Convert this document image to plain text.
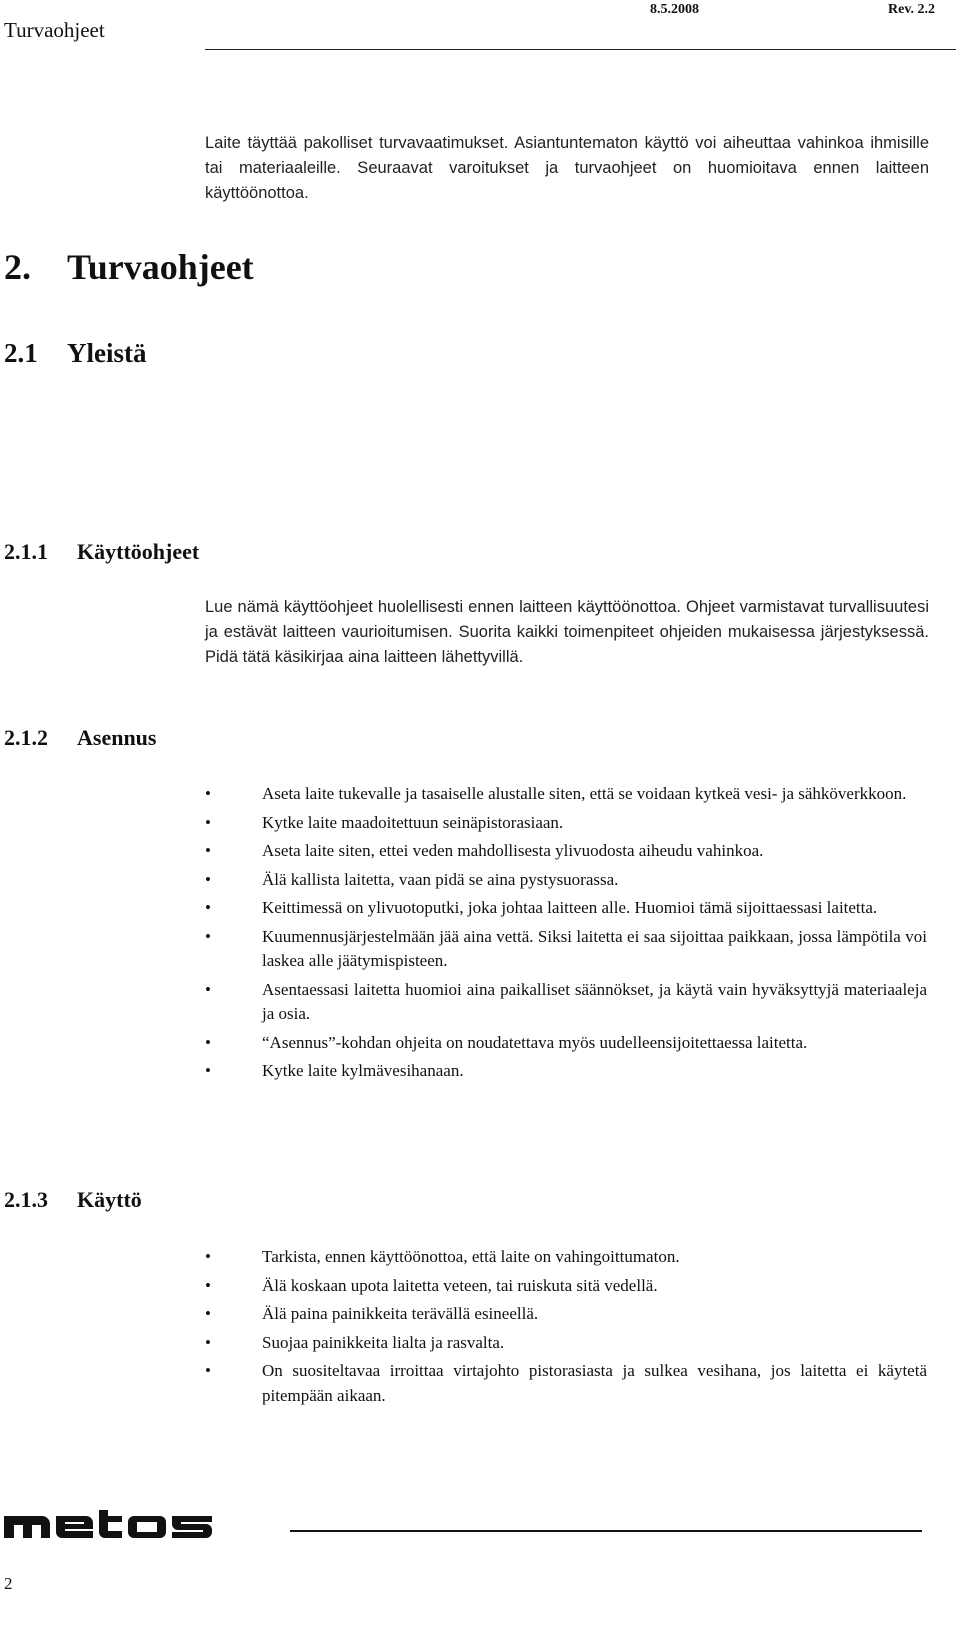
Turvaohjeet
8.5.2008	Rev. 2.2
2. Turvaohjeet
2.1 Yleistä
Laite täyttää pakolliset turvavaatimukset. Asiantuntematon käyttö voi aiheuttaa vahinkoa ihmisille tai materiaaleille. Seuraavat varoitukset ja turvaohjeet on huomioitava ennen laitteen käyttöönottoa.
2.1.1 Käyttöohjeet
Lue nämä käyttöohjeet huolellisesti ennen laitteen käyttöönottoa. Ohjeet varmistavat turvallisuutesi ja estävät laitteen vaurioitumisen. Suorita kaikki toimenpiteet ohjeiden mukaisessa järjestyksessä. Pidä tätä käsikirjaa aina laitteen lähettyvillä.
2.1.2 Asennus
•	Aseta laite tukevalle ja tasaiselle alustalle siten, että se voidaan kytkeä vesi- ja sähköverkkoon.
•	Kytke laite maadoitettuun seinäpistorasiaan.
•	Aseta laite siten, ettei veden mahdollisesta ylivuodosta aiheudu vahinkoa.
•	Älä kallista laitetta, vaan pidä se aina pystysuorassa.
•	Keittimessä on ylivuotoputki, joka johtaa laitteen alle. Huomioi tämä sijoittaessasi laitetta.
•	Kuumennusjärjestelmään jää aina vettä. Siksi laitetta ei saa sijoittaa paikkaan, jossa lämpötila voi laskea alle jäätymispisteen.
•	Asentaessasi laitetta huomioi aina paikalliset säännökset, ja käytä vain hyväksyttyjä materiaaleja ja osia.
•	“Asennus”-kohdan ohjeita on noudatettava myös uudelleensijoitettaessa laitetta.
•	Kytke laite kylmävesihanaan.
2.1.3 Käyttö
•	Tarkista, ennen käyttöönottoa, että laite on vahingoittumaton.
•	Älä koskaan upota laitetta veteen, tai ruiskuta sitä vedellä.
•	Älä paina painikkeita terävällä esineellä.
•	Suojaa painikkeita lialta ja rasvalta.
•	On suositeltavaa irroittaa virtajohto pistorasiasta ja sulkea vesihana, jos laitetta ei käytetä pitempään aikaan.
2
